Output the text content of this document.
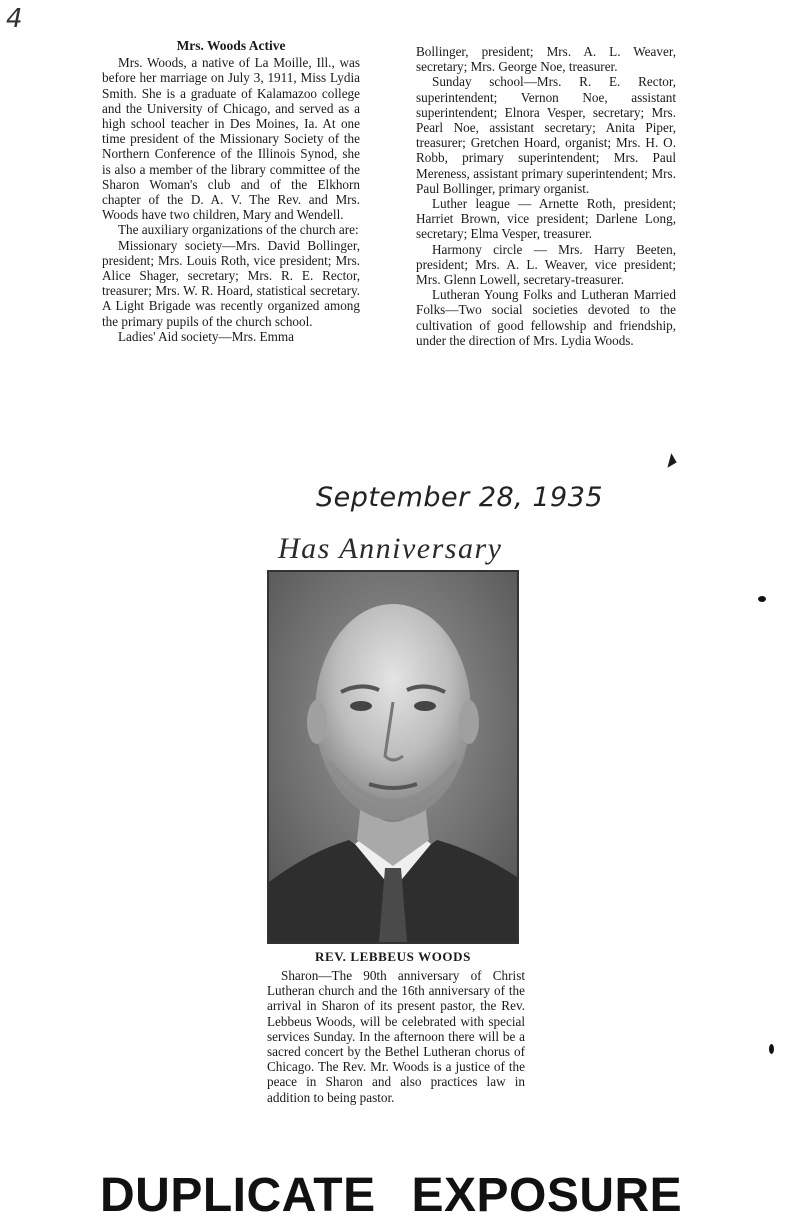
4
Mrs. Woods Active

Mrs. Woods, a native of La Moille, Ill., was before her marriage on July 3, 1911, Miss Lydia Smith. She is a graduate of Kalamazoo college and the University of Chicago, and served as a high school teacher in Des Moines, Ia. At one time president of the Missionary Society of the Northern Conference of the Illinois Synod, she is also a member of the library committee of the Sharon Woman's club and of the Elkhorn chapter of the D. A. V. The Rev. and Mrs. Woods have two children, Mary and Wendell.

The auxiliary organizations of the church are:

Missionary society—Mrs. David Bollinger, president; Mrs. Louis Roth, vice president; Mrs. Alice Shager, secretary; Mrs. R. E. Rector, treasurer; Mrs. W. R. Hoard, statistical secretary. A Light Brigade was recently organized among the primary pupils of the church school.

Ladies' Aid society—Mrs. Emma

Bollinger, president; Mrs. A. L. Weaver, secretary; Mrs. George Noe, treasurer.

Sunday school—Mrs. R. E. Rector, superintendent; Vernon Noe, assistant superintendent; Elnora Vesper, secretary; Mrs. Pearl Noe, assistant secretary; Anita Piper, treasurer; Gretchen Hoard, organist; Mrs. H. O. Robb, primary superintendent; Mrs. Paul Mereness, assistant primary superintendent; Mrs. Paul Bollinger, primary organist.

Luther league — Arnette Roth, president; Harriet Brown, vice president; Darlene Long, secretary; Elma Vesper, treasurer.

Harmony circle — Mrs. Harry Beeten, president; Mrs. A. L. Weaver, vice president; Mrs. Glenn Lowell, secretary-treasurer.

Lutheran Young Folks and Lutheran Married Folks—Two social societies devoted to the cultivation of good fellowship and friendship, under the direction of Mrs. Lydia Woods.

◢
September 28, 1935
Has Anniversary
REV. LEBBEUS WOODS

Sharon—The 90th anniversary of Christ Lutheran church and the 16th anniversary of the arrival in Sharon of its present pastor, the Rev. Lebbeus Woods, will be celebrated with special services Sunday. In the afternoon there will be a sacred concert by the Bethel Lutheran chorus of Chicago. The Rev. Mr. Woods is a justice of the peace in Sharon and also practices law in addition to being pastor.

DUPLICATE EXPOSURE
